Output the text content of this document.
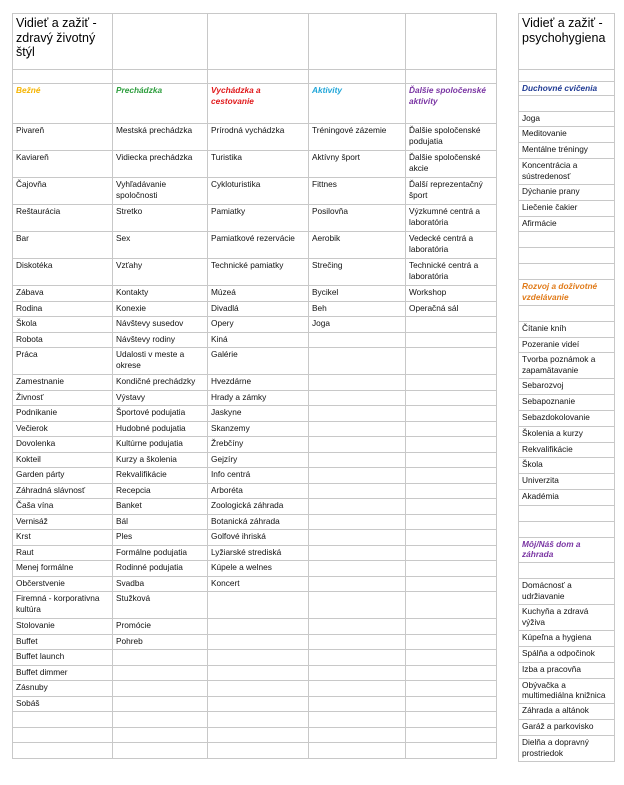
Vidieť a zažiť - zdravý životný štýl				

Bežné	Prechádzka	Vychádzka a cestovanie	Aktivity	Ďalšie spoločenské aktivity
Pivareň	Mestská prechádzka	Prírodná vychádzka	Tréningové zázemie	Ďalšie spoločenské podujatia
Kaviareň	Vidiecka prechádzka	Turistika	Aktívny šport	Ďalšie spoločenské akcie
Čajovňa	Vyhľadávanie spoločnosti	Cykloturistika	Fittnes	Ďalší reprezentačný šport
Reštaurácia	Stretko	Pamiatky	Posilovňa	Výzkumné centrá a laboratória
Bar	Sex	Pamiatkové rezervácie	Aerobik	Vedecké centrá a laboratória
Diskotéka	Vzťahy	Technické pamiatky	Strečing	Technické centrá a laboratória
Zábava	Kontakty	Múzeá	Bycikel	Workshop
Rodina	Konexie	Divadlá	Beh	Operačná sál
Škola	Návštevy susedov	Opery	Joga	
Robota	Návštevy rodiny	Kiná		
Práca	Udalosti v meste a okrese	Galérie		
Zamestnanie	Kondičné prechádzky	Hvezdárne		
Živnosť	Výstavy	Hrady a zámky		
Podnikanie	Športové podujatia	Jaskyne		
Večierok	Hudobné podujatia	Skanzemy		
Dovolenka	Kultúrne podujatia	Žrebčíny		
Kokteil	Kurzy a školenia	Gejzíry		
Garden párty	Rekvalifikácie	Info centrá		
Záhradná slávnosť	Recepcia	Arboréta		
Čaša vína	Banket	Zoologická záhrada		
Vernisáž	Bál	Botanická záhrada		
Krst	Ples	Golfové ihriská		
Raut	Formálne podujatia	Lyžiarské strediská		
Menej formálne	Rodinné podujatia	Kúpele a welnes		
Občerstvenie	Svadba	Koncert		
Firemná - korporativna kultúra	Stužková			
Stolovanie	Promócie			
Buffet	Pohreb			
Buffet launch				
Buffet dimmer				
Zásnuby				
Sobáš				

Vidieť a zažiť - psychohygiena

Duchovné cvičenia

Joga
Meditovanie
Mentálne tréningy
Koncentrácia a sústredenosť
Dýchanie prany
Liečenie čakier
Afirmácie

Rozvoj a doživotné vzdelávanie

Čítanie kníh
Pozeranie videí
Tvorba poznámok a zapamätavanie
Sebarozvoj
Sebapoznanie
Sebazdokolovanie
Školenia a kurzy
Rekvalifikácie
Škola
Univerzita
Akadémia

Môj/Náš dom a záhrada

Domácnosť a udržiavanie
Kuchyňa a zdravá výživa
Kúpeľna a hygiena
Spálňa a odpočinok
Izba a pracovňa
Obývačka a multimediálna knižnica
Záhrada a altánok
Garáž a parkovisko
Dielňa a dopravný prostriedok
